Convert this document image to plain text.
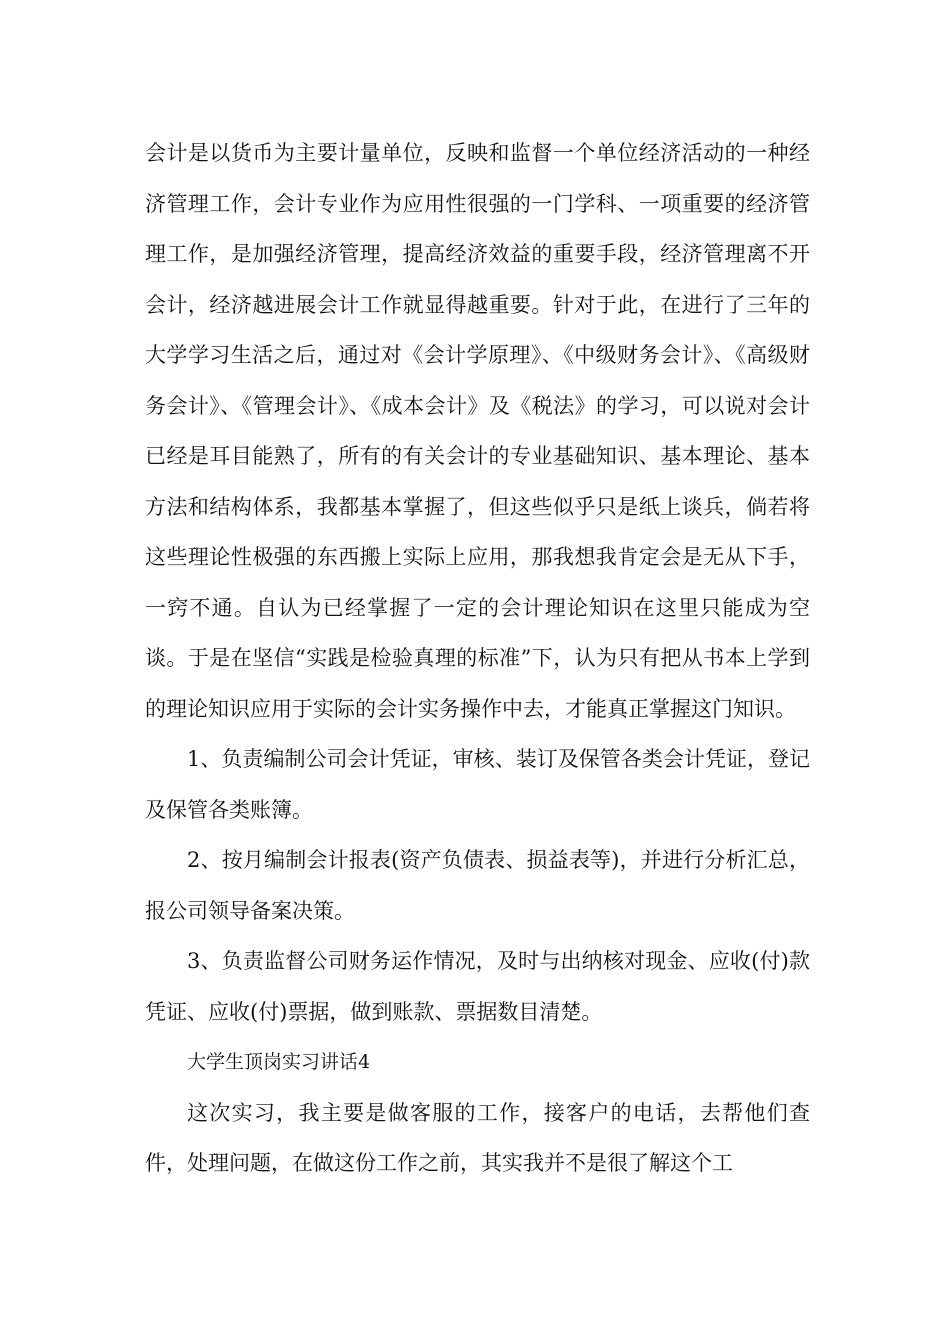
会计是以货币为主要计量单位，反映和监督一个单位经济活动的一种经济管理工作，会计专业作为应用性很强的一门学科、一项重要的经济管理工作，是加强经济管理，提高经济效益的重要手段，经济管理离不开会计，经济越进展会计工作就显得越重要。针对于此，在进行了三年的大学学习生活之后，通过对《会计学原理》、《中级财务会计》、《高级财务会计》、《管理会计》、《成本会计》及《税法》的学习，可以说对会计已经是耳目能熟了，所有的有关会计的专业基础知识、基本理论、基本方法和结构体系，我都基本掌握了，但这些似乎只是纸上谈兵，倘若将这些理论性极强的东西搬上实际上应用，那我想我肯定会是无从下手，一窍不通。自认为已经掌握了一定的会计理论知识在这里只能成为空谈。于是在坚信“实践是检验真理的标准”下，认为只有把从书本上学到的理论知识应用于实际的会计实务操作中去，才能真正掌握这门知识。

1、负责编制公司会计凭证，审核、装订及保管各类会计凭证，登记及保管各类账簿。

2、按月编制会计报表(资产负债表、损益表等)，并进行分析汇总，报公司领导备案决策。

3、负责监督公司财务运作情况，及时与出纳核对现金、应收(付)款凭证、应收(付)票据，做到账款、票据数目清楚。

大学生顶岗实习讲话4

这次实习，我主要是做客服的工作，接客户的电话，去帮他们查件，处理问题，在做这份工作之前，其实我并不是很了解这个工
